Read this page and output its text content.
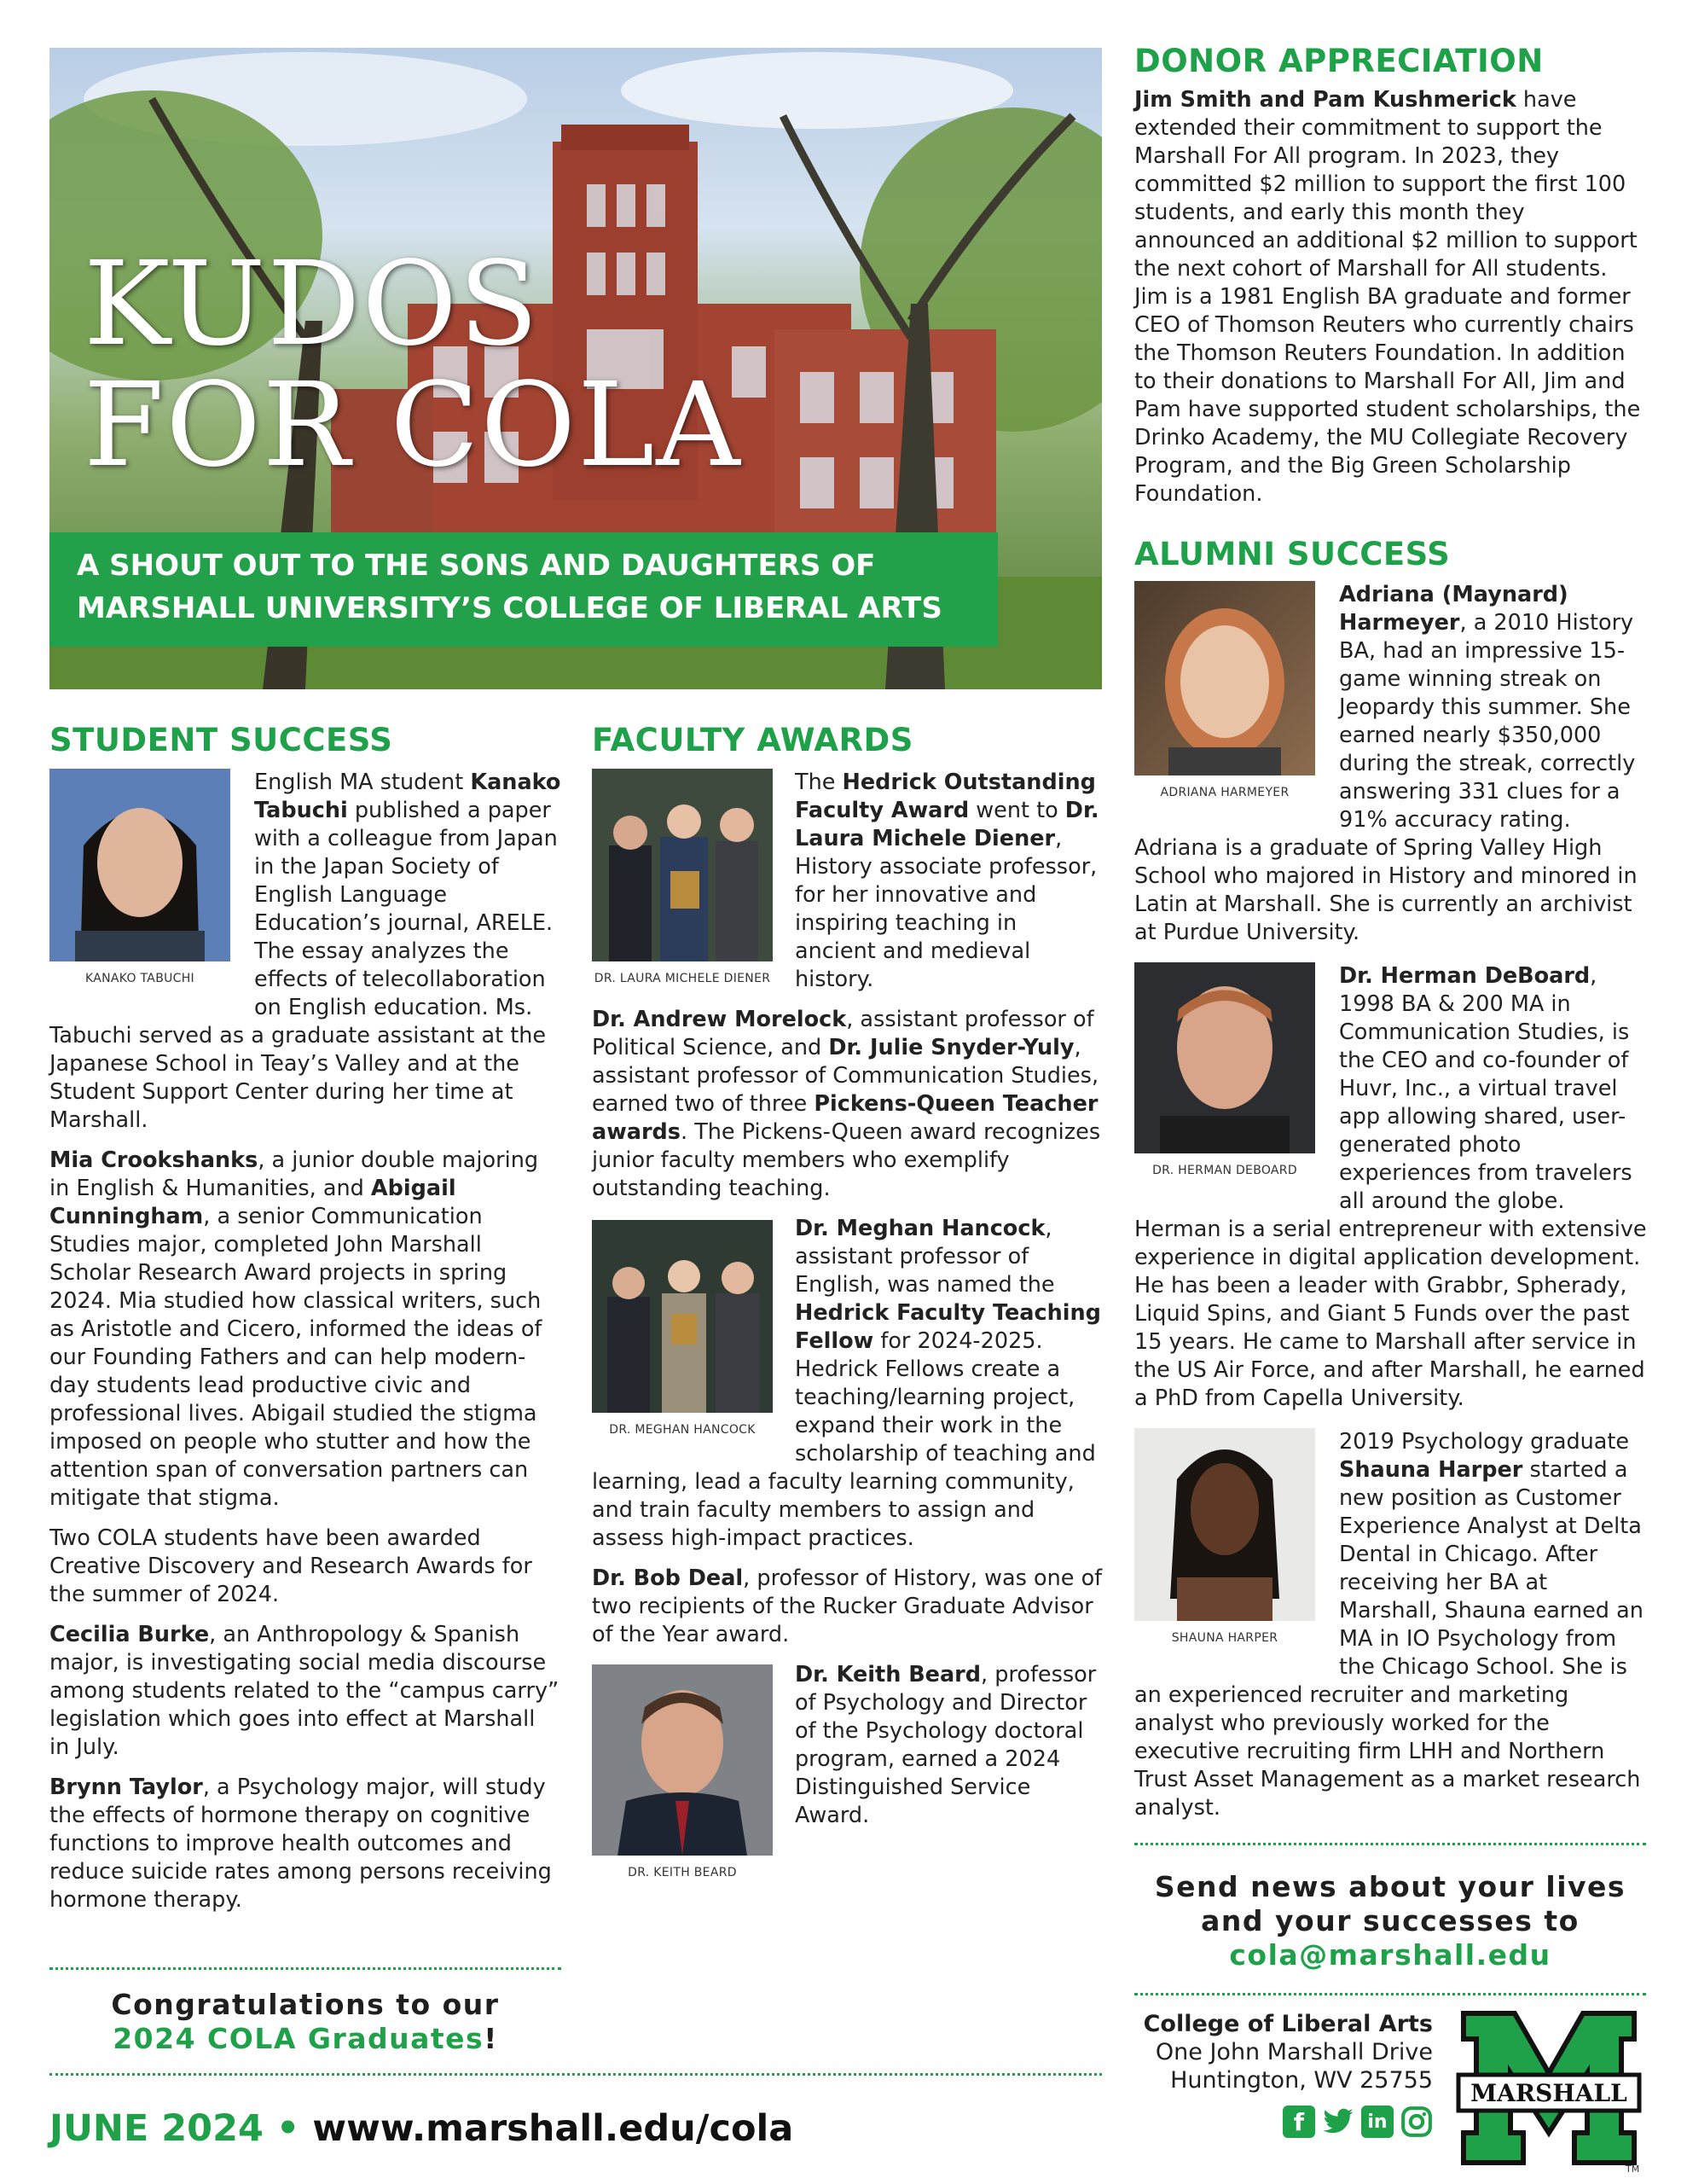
KUDOS
FOR COLA
A SHOUT OUT TO THE SONS AND DAUGHTERS OF
MARSHALL UNIVERSITY’S COLLEGE OF LIBERAL ARTS
DONOR APPRECIATION

Jim Smith and Pam Kushmerick have extended their commitment to support the Marshall For All program. In 2023, they committed $2 million to support the first 100 students, and early this month they announced an additional $2 million to support the next cohort of Marshall for All students. Jim is a 1981 English BA graduate and former CEO of Thomson Reuters who currently chairs the Thomson Reuters Foundation. In addition to their donations to Marshall For All, Jim and Pam have supported student scholarships, the Drinko Academy, the MU Collegiate Recovery Program, and the Big Green Scholarship Foundation.

ALUMNI SUCCESS
ADRIANA HARMEYER

Adriana (Maynard) Harmeyer, a 2010 History BA, had an impressive 15-game winning streak on Jeopardy this summer. She earned nearly $350,000 during the streak, correctly answering 331 clues for a 91% accuracy rating. Adriana is a graduate of Spring Valley High School who majored in History and minored in Latin at Marshall. She is currently an archivist at Purdue University.

DR. HERMAN DEBOARD

Dr. Herman DeBoard, 1998 BA & 200 MA in Communication Studies, is the CEO and co-founder of Huvr, Inc., a virtual travel app allowing shared, user-generated photo experiences from travelers all around the globe. Herman is a serial entrepreneur with extensive experience in digital application development. He has been a leader with Grabbr, Spherady, Liquid Spins, and Giant 5 Funds over the past 15 years. He came to Marshall after service in the US Air Force, and after Marshall, he earned a PhD from Capella University.

SHAUNA HARPER

2019 Psychology graduate Shauna Harper started a new position as Customer Experience Analyst at Delta Dental in Chicago. After receiving her BA at Marshall, Shauna earned an MA in IO Psychology from the Chicago School. She is an experienced recruiter and marketing analyst who previously worked for the executive recruiting firm LHH and Northern Trust Asset Management as a market research analyst.

STUDENT SUCCESS
KANAKO TABUCHI

English MA student Kanako Tabuchi published a paper with a colleague from Japan in the Japan Society of English Language Education’s journal, ARELE. The essay analyzes the effects of telecollaboration on English education. Ms. Tabuchi served as a graduate assistant at the Japanese School in Teay’s Valley and at the Student Support Center during her time at Marshall.

Mia Crookshanks, a junior double majoring in English & Humanities, and Abigail Cunningham, a senior Communication Studies major, completed John Marshall Scholar Research Award projects in spring 2024. Mia studied how classical writers, such as Aristotle and Cicero, informed the ideas of our Founding Fathers and can help modern-day students lead productive civic and professional lives. Abigail studied the stigma imposed on people who stutter and how the attention span of conversation partners can mitigate that stigma.

Two COLA students have been awarded Creative Discovery and Research Awards for the summer of 2024.

Cecilia Burke, an Anthropology & Spanish major, is investigating social media discourse among students related to the “campus carry” legislation which goes into effect at Marshall in July.

Brynn Taylor, a Psychology major, will study the effects of hormone therapy on cognitive functions to improve health outcomes and reduce suicide rates among persons receiving hormone therapy.

Congratulations to our
2024 COLA Graduates!
FACULTY AWARDS
DR. LAURA MICHELE DIENER

The Hedrick Outstanding Faculty Award went to Dr. Laura Michele Diener, History associate professor, for her innovative and inspiring teaching in ancient and medieval history.

Dr. Andrew Morelock, assistant professor of Political Science, and Dr. Julie Snyder-Yuly, assistant professor of Communication Studies, earned two of three Pickens-Queen Teacher awards. The Pickens-Queen award recognizes junior faculty members who exemplify outstanding teaching.

DR. MEGHAN HANCOCK

Dr. Meghan Hancock, assistant professor of English, was named the Hedrick Faculty Teaching Fellow for 2024-2025. Hedrick Fellows create a teaching/learning project, expand their work in the scholarship of teaching and learning, lead a faculty learning community, and train faculty members to assign and assess high-impact practices.

Dr. Bob Deal, professor of History, was one of two recipients of the Rucker Graduate Advisor of the Year award.

DR. KEITH BEARD

Dr. Keith Beard, professor of Psychology and Director of the Psychology doctoral program, earned a 2024 Distinguished Service Award.

Send news about your lives
and your successes to
cola@marshall.edu
College of Liberal Arts
One John Marshall Drive
Huntington, WV 25755
f	in
MARSHALL
TM
JUNE 2024 • www.marshall.edu/cola
